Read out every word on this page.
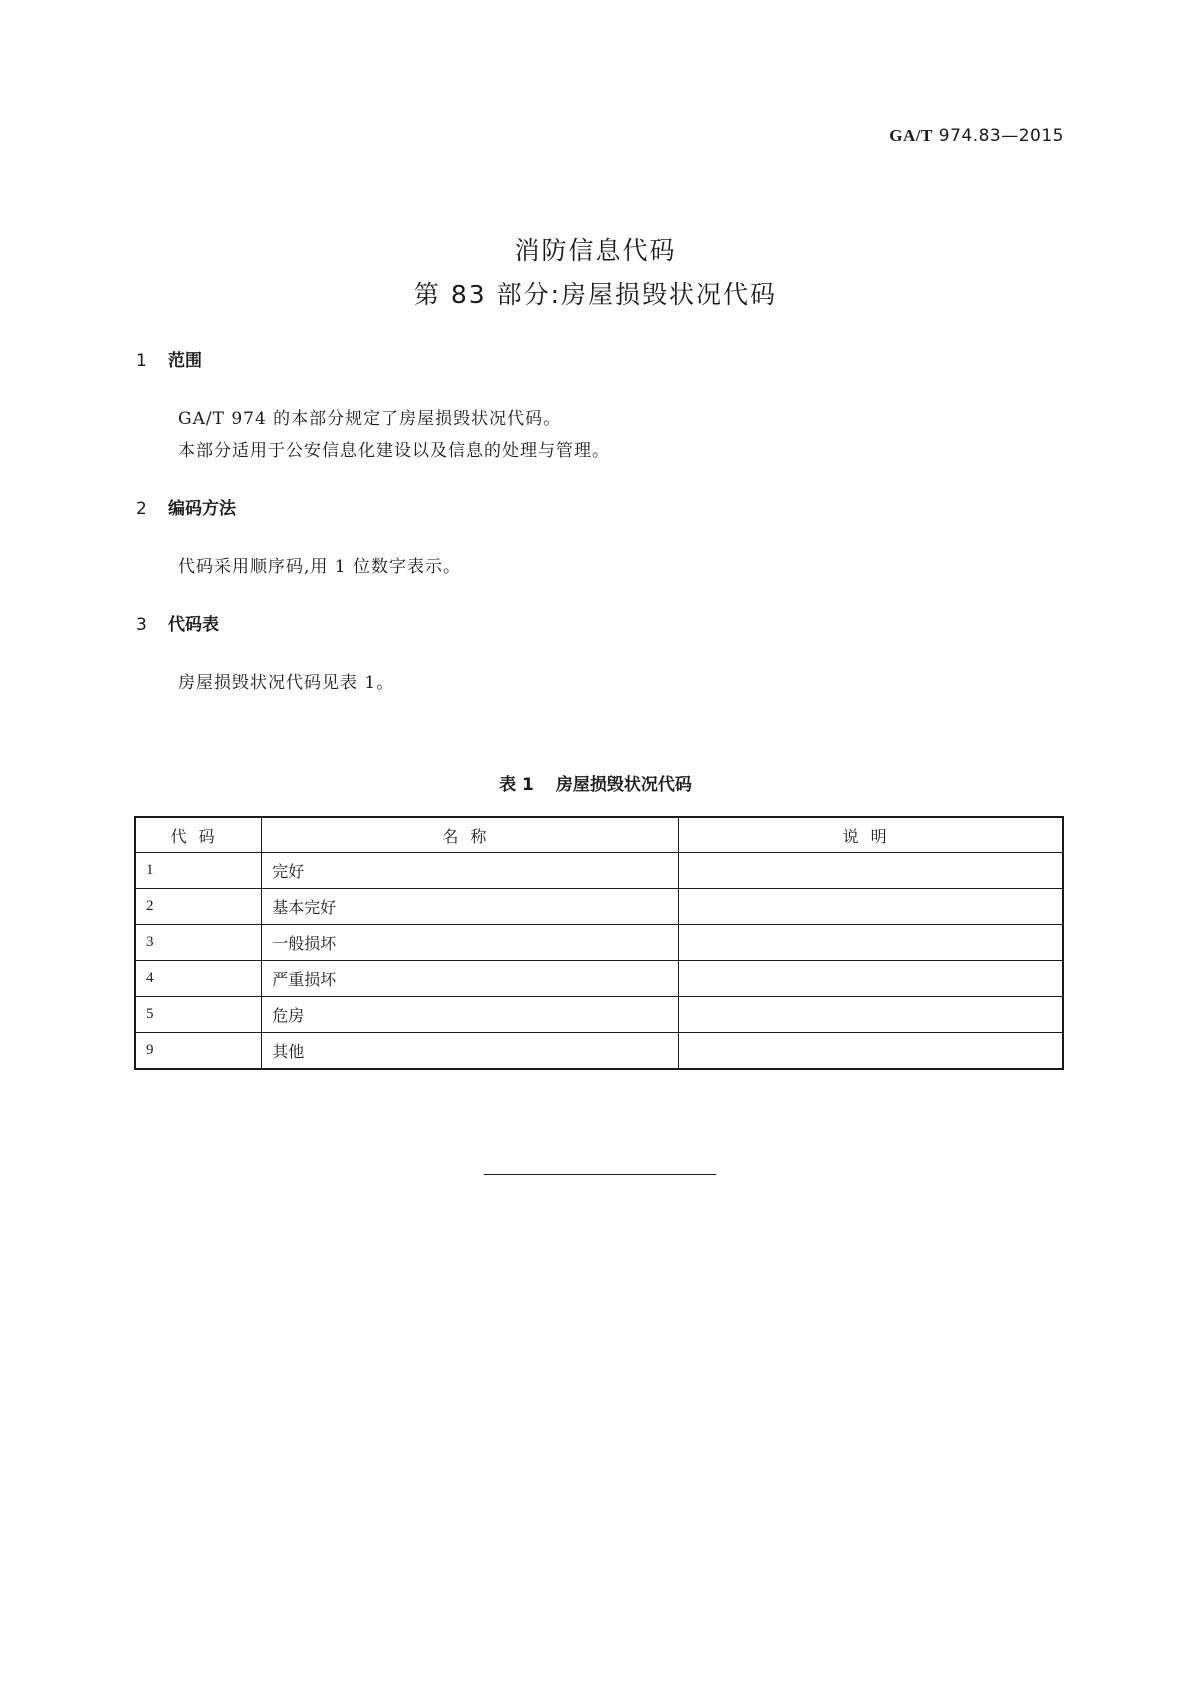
GA/T 974.83—2015
消防信息代码
第 83 部分:房屋损毁状况代码
1 范围
GA/T 974 的本部分规定了房屋损毁状况代码。
本部分适用于公安信息化建设以及信息的处理与管理。
2 编码方法
代码采用顺序码,用 1 位数字表示。
3 代码表
房屋损毁状况代码见表 1。
表 1 房屋损毁状况代码
代码	名称	说明
1	完好	
2	基本完好	
3	一般损坏	
4	严重损坏	
5	危房	
9	其他	
